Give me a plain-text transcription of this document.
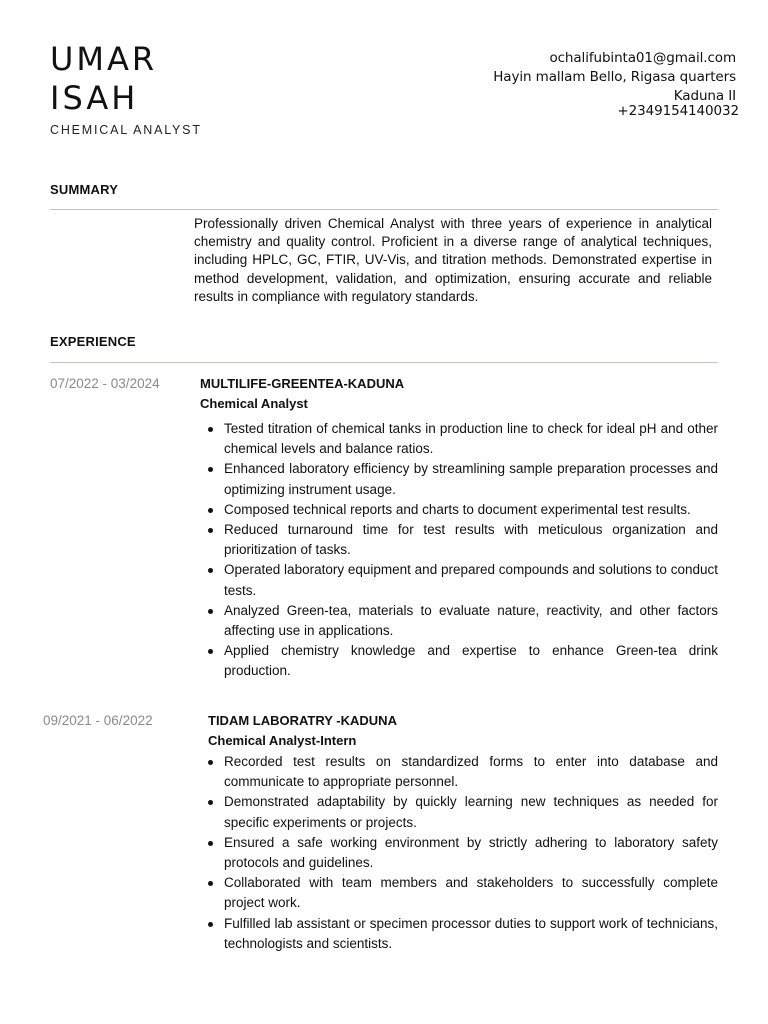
UMAR
ISAH
CHEMICAL ANALYST
ochalifubinta01@gmail.com
Hayin mallam Bello, Rigasa quarters
Kaduna II
+2349154140032
SUMMARY
Professionally driven Chemical Analyst with three years of experience in analytical chemistry and quality control. Proficient in a diverse range of analytical techniques, including HPLC, GC, FTIR, UV-Vis, and titration methods. Demonstrated expertise in method development, validation, and optimization, ensuring accurate and reliable results in compliance with regulatory standards.
EXPERIENCE
07/2022 - 03/2024	MULTILIFE-GREENTEA-KADUNA
Chemical Analyst
Tested titration of chemical tanks in production line to check for ideal pH and other chemical levels and balance ratios.
Enhanced laboratory efficiency by streamlining sample preparation processes and optimizing instrument usage.
Composed technical reports and charts to document experimental test results.
Reduced turnaround time for test results with meticulous organization and prioritization of tasks.
Operated laboratory equipment and prepared compounds and solutions to conduct tests.
Analyzed Green-tea, materials to evaluate nature, reactivity, and other factors affecting use in applications.
Applied chemistry knowledge and expertise to enhance Green-tea drink production.
09/2021 - 06/2022	TIDAM LABORATRY -KADUNA
Chemical Analyst-Intern
Recorded test results on standardized forms to enter into database and communicate to appropriate personnel.
Demonstrated adaptability by quickly learning new techniques as needed for specific experiments or projects.
Ensured a safe working environment by strictly adhering to laboratory safety protocols and guidelines.
Collaborated with team members and stakeholders to successfully complete project work.
Fulfilled lab assistant or specimen processor duties to support work of technicians, technologists and scientists.
